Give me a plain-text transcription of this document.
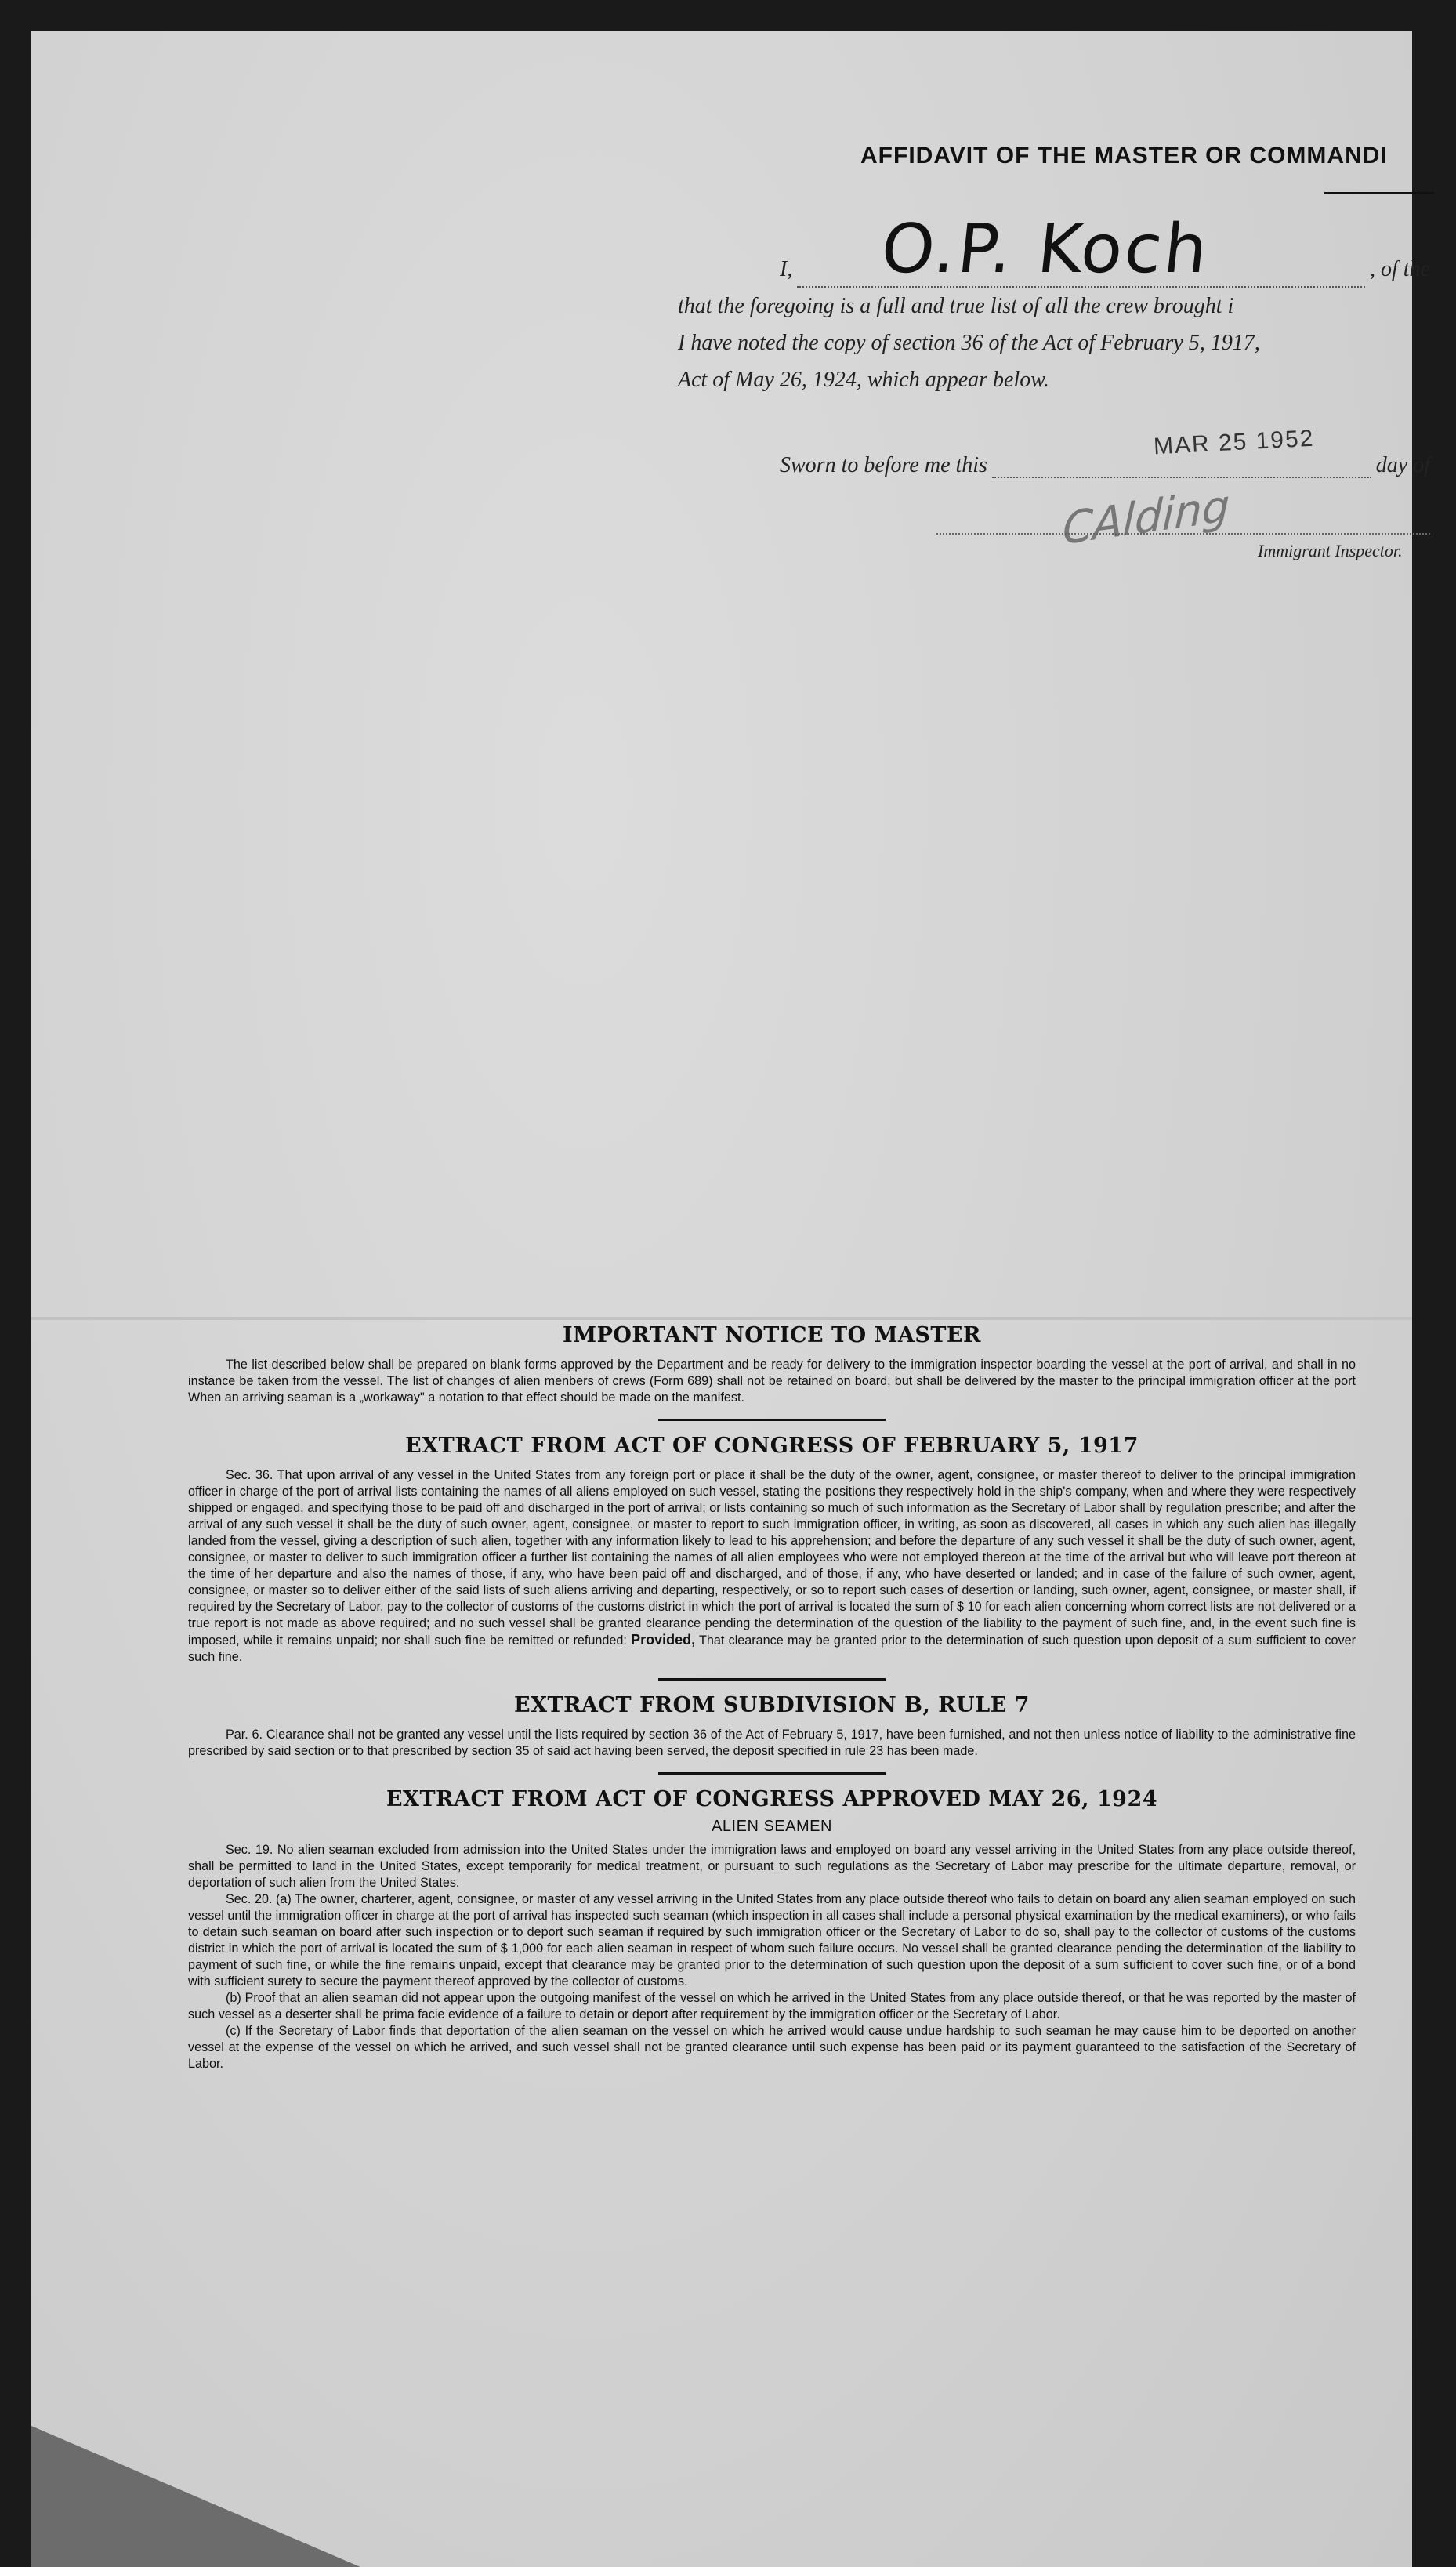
AFFIDAVIT OF THE MASTER OR COMMANDI
O.P. Koch
I,	, of the
that the foregoing is a full and true list of all the crew brought i
I have noted the copy of section 36 of the Act of February 5, 1917,
Act of May 26, 1924, which appear below.
Sworn to before me this	day of
MAR 25 1952
CAlding Immigrant Inspector.
IMPORTANT NOTICE TO MASTER

The list described below shall be prepared on blank forms approved by the Department and be ready for delivery to the immigration inspector boarding the vessel at the port of arrival, and shall in no instance be taken from the vessel. The list of changes of alien menbers of crews (Form 689) shall not be retained on board, but shall be delivered by the master to the principal immigration officer at the port When an arriving seaman is a „workaway" a notation to that effect should be made on the manifest.

EXTRACT FROM ACT OF CONGRESS OF FEBRUARY 5, 1917

Sec. 36. That upon arrival of any vessel in the United States from any foreign port or place it shall be the duty of the owner, agent, consignee, or master thereof to deliver to the principal immigration officer in charge of the port of arrival lists containing the names of all aliens employed on such vessel, stating the positions they respectively hold in the ship's company, when and where they were respectively shipped or engaged, and specifying those to be paid off and discharged in the port of arrival; or lists containing so much of such information as the Secretary of Labor shall by regulation prescribe; and after the arrival of any such vessel it shall be the duty of such owner, agent, consignee, or master to report to such immigration officer, in writing, as soon as discovered, all cases in which any such alien has illegally landed from the vessel, giving a description of such alien, together with any information likely to lead to his apprehension; and before the departure of any such vessel it shall be the duty of such owner, agent, consignee, or master to deliver to such immigration officer a further list containing the names of all alien employees who were not employed thereon at the time of the arrival but who will leave port thereon at the time of her departure and also the names of those, if any, who have been paid off and discharged, and of those, if any, who have deserted or landed; and in case of the failure of such owner, agent, consignee, or master so to deliver either of the said lists of such aliens arriving and departing, respectively, or so to report such cases of desertion or landing, such owner, agent, consignee, or master shall, if required by the Secretary of Labor, pay to the collector of customs of the customs district in which the port of arrival is located the sum of $ 10 for each alien concerning whom correct lists are not delivered or a true report is not made as above required; and no such vessel shall be granted clearance pending the determination of the question of the liability to the payment of such fine, and, in the event such fine is imposed, while it remains unpaid; nor shall such fine be remitted or refunded: Provided, That clearance may be granted prior to the determination of such question upon deposit of a sum sufficient to cover such fine.

EXTRACT FROM SUBDIVISION B, RULE 7

Par. 6. Clearance shall not be granted any vessel until the lists required by section 36 of the Act of February 5, 1917, have been furnished, and not then unless notice of liability to the administrative fine prescribed by said section or to that prescribed by section 35 of said act having been served, the deposit specified in rule 23 has been made.

EXTRACT FROM ACT OF CONGRESS APPROVED MAY 26, 1924
ALIEN SEAMEN

Sec. 19. No alien seaman excluded from admission into the United States under the immigration laws and employed on board any vessel arriving in the United States from any place outside thereof, shall be permitted to land in the United States, except temporarily for medical treatment, or pursuant to such regulations as the Secretary of Labor may prescribe for the ultimate departure, removal, or deportation of such alien from the United States.

Sec. 20. (a) The owner, charterer, agent, consignee, or master of any vessel arriving in the United States from any place outside thereof who fails to detain on board any alien seaman employed on such vessel until the immigration officer in charge at the port of arrival has inspected such seaman (which inspection in all cases shall include a personal physical examination by the medical examiners), or who fails to detain such seaman on board after such inspection or to deport such seaman if required by such immigration officer or the Secretary of Labor to do so, shall pay to the collector of customs of the customs district in which the port of arrival is located the sum of $ 1,000 for each alien seaman in respect of whom such failure occurs. No vessel shall be granted clearance pending the determination of the liability to payment of such fine, or while the fine remains unpaid, except that clearance may be granted prior to the determination of such question upon the deposit of a sum sufficient to cover such fine, or of a bond with sufficient surety to secure the payment thereof approved by the collector of customs.

(b) Proof that an alien seaman did not appear upon the outgoing manifest of the vessel on which he arrived in the United States from any place outside thereof, or that he was reported by the master of such vessel as a deserter shall be prima facie evidence of a failure to detain or deport after requirement by the immigration officer or the Secretary of Labor.

(c) If the Secretary of Labor finds that deportation of the alien seaman on the vessel on which he arrived would cause undue hardship to such seaman he may cause him to be deported on another vessel at the expense of the vessel on which he arrived, and such vessel shall not be granted clearance until such expense has been paid or its payment guaranteed to the satisfaction of the Secretary of Labor.
